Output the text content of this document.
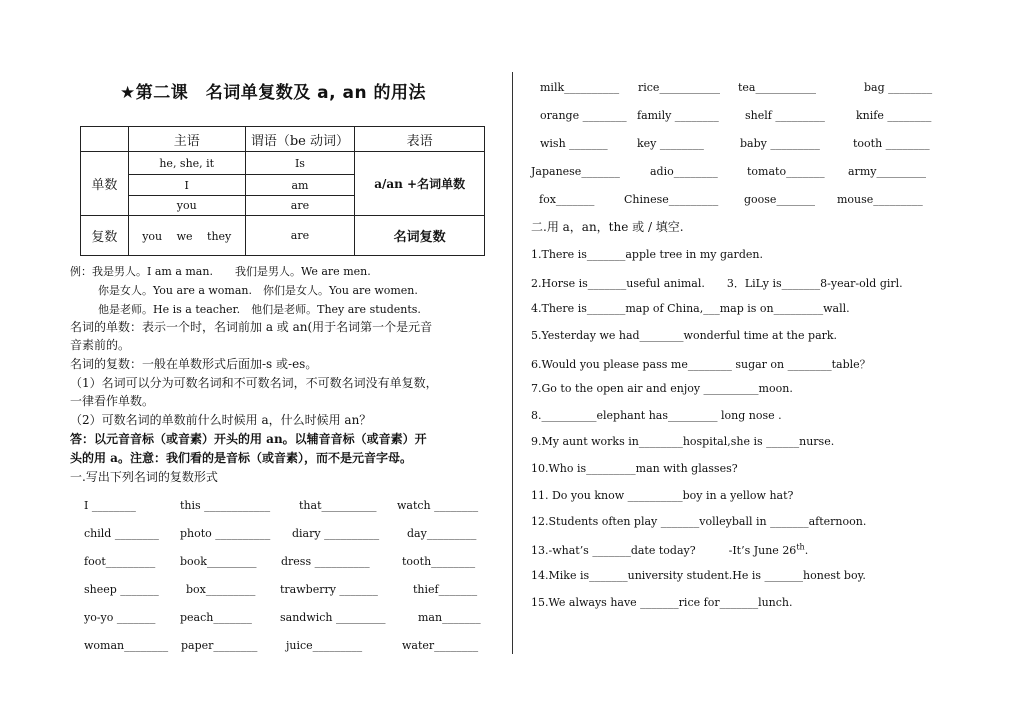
★第二课　名词单复数及 a, an 的用法
	主语	谓语（be 动词）	表语
单数	he, she, it	Is	a/an +名词单数
	I	am	
	you	are	
复数	you　 we 　they	are	名词复数
例：我是男人。I am a man.　　我们是男人。We are men.
你是女人。You are a woman.　你们是女人。You are women.
他是老师。He is a teacher.　他们是老师。They are students.
名词的单数：表示一个时，名词前加 a 或 an(用于名词第一个是元音
音素前的。
名词的复数：一般在单数形式后面加-s 或-es。
（1）名词可以分为可数名词和不可数名词，不可数名词没有单复数，
一律看作单数。
（2）可数名词的单数前什么时候用 a，什么时候用 an？
答：以元音音标（或音素）开头的用 an。以辅音音标（或音素）开
头的用 a。注意：我们看的是音标（或音素），而不是元音字母。
一.写出下列名词的复数形式
I ________	this ____________	that__________ watch ________
child ________ photo __________ diary __________	day_________
foot_________ book_________ dress __________	tooth________
sheep _______ box_________ trawberry _______	thief_______
yo-yo _______ peach_______	sandwich _________	man_______
woman________ paper________	juice_________	water________
milk__________ rice___________ tea___________	bag ________
orange ________ family ________ shelf _________	knife ________
wish _______	key ________	baby _________	tooth ________
Japanese_______	adio________	tomato_______ army_________
fox_______	Chinese_________ goose_______ mouse_________
二.用 a，an，the 或 / 填空.
1.There is_______apple tree in my garden.
2.Horse is_______useful animal.　　3．LiLy is_______8-year-old girl.
4.There is_______map of China,___map is on_________wall.
5.Yesterday we had________wonderful time at the park.
6.Would you please pass me________ sugar on ________table？
7.Go to the open air and enjoy __________moon.
8.__________elephant has_________ long nose .
9.My aunt works in________hospital,she is ______nurse.
10.Who is_________man with glasses?
11. Do you know __________boy in a yellow hat?
12.Students often play _______volleyball in _______afternoon.
13.-what’s _______date today?　　　-It’s June 26th.
14.Mike is_______university student.He is _______honest boy.
15.We always have _______rice for_______lunch.
